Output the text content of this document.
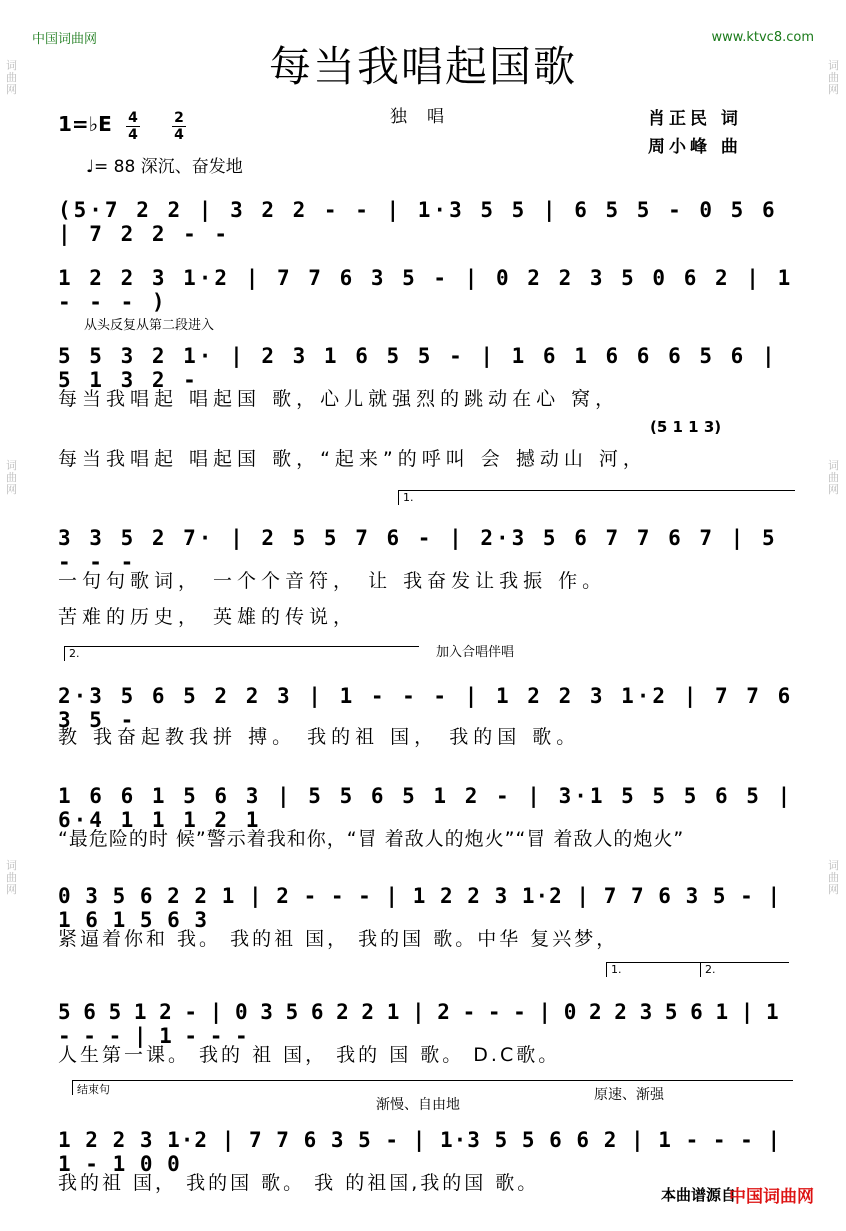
词曲网
词曲网
词曲网
词曲网
词曲网
词曲网
中国词曲网	www.ktvc8.com
每当我唱起国歌
1=♭E 4
4
2
4
独唱	肖正民 词
周小峰 曲
♩= 88 深沉、奋发地
(5·7 2 2 | 3 2 2 - - | 1·3 5 5 | 6 5 5 - 0 5 6 | 7 2 2 - -
1 2 2 3 1·2 | 7 7 6 3 5 - | 0 2 2 3 5 0 6 2 | 1 - - - )
从头反复从第二段进入
5 5 3 2 1· | 2 3 1 6 5 5 - | 1 6 1 6 6 6 5 6 | 5 1 3 2 -
每当我唱起 唱起国 歌，心儿就强烈的跳动在心 窝，
(5 1 1 3)
每当我唱起 唱起国 歌，“起来”的呼叫 会 撼动山 河，
1.
3 3 5 2 7· | 2 5 5 7 6 - | 2·3 5 6 7 7 6 7 | 5 - - -
一句句歌词， 一个个音符， 让 我奋发让我振 作。
苦难的历史， 英雄的传说，
2.	加入合唱伴唱
2·3 5 6 5 2 2 3 | 1 - - - | 1 2 2 3 1·2 | 7 7 6 3 5 -
教 我奋起教我拼 搏。 我的祖 国， 我的国 歌。
1 6 6 1 5 6 3 | 5 5 6 5 1 2 - | 3·1 5 5 5 6 5 | 6·4 1 1 1 2 1
“最危险的时 候”警示着我和你，“冒 着敌人的炮火”“冒 着敌人的炮火”
0 3 5 6 2 2 1 | 2 - - - | 1 2 2 3 1·2 | 7 7 6 3 5 - | 1 6 1 5 6 3
紧逼着你和 我。 我的祖 国， 我的国 歌。中华 复兴梦，
1.	2.
5 6 5 1 2 - | 0 3 5 6 2 2 1 | 2 - - - | 0 2 2 3 5 6 1 | 1 - - - | 1 - - -
人生第一课。 我的 祖 国， 我的 国 歌。 D.C歌。
结束句
渐慢、自由地
原速、渐强
1 2 2 3 1·2 | 7 7 6 3 5 - | 1·3 5 5 6 6 2 | 1 - - - | 1 - 1 0 0
我的祖 国， 我的国 歌。 我 的祖国,我的国 歌。
本曲谱源自
中国词曲网
